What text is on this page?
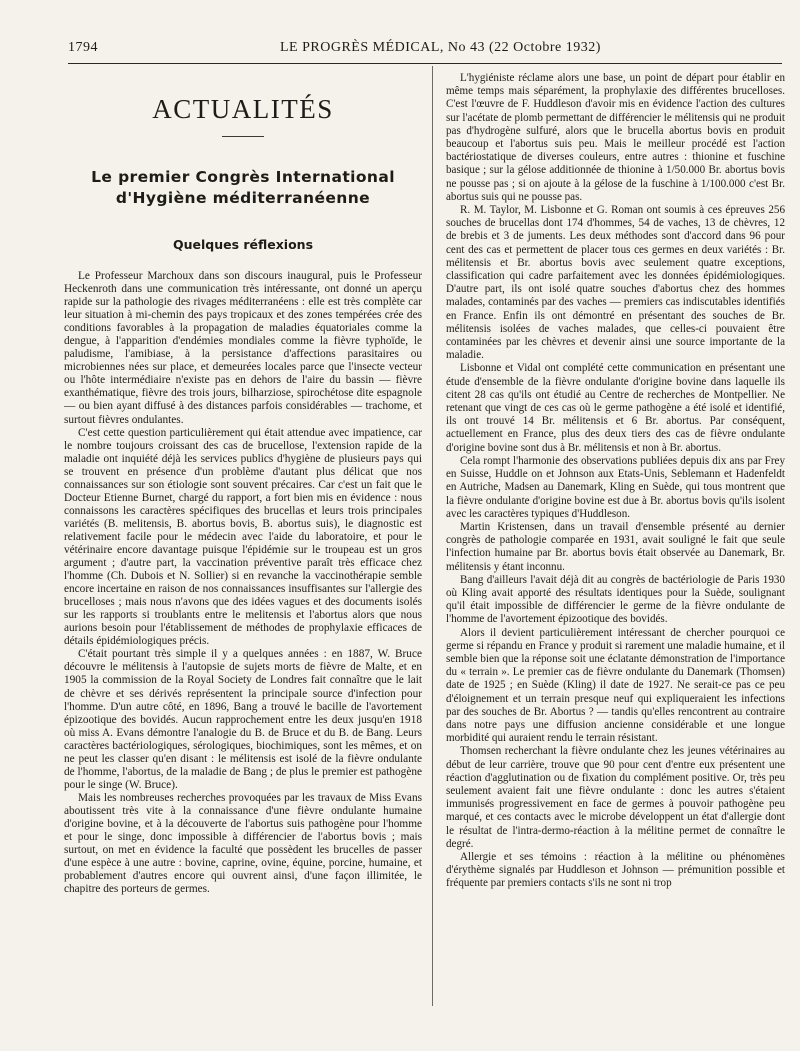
1794	LE PROGRÈS MÉDICAL, No 43 (22 Octobre 1932)
ACTUALITÉS
Le premier Congrès International
d'Hygiène méditerranéenne
Quelques réflexions

Le Professeur Marchoux dans son discours inaugural, puis le Professeur Heckenroth dans une communication très intéressante, ont donné un aperçu rapide sur la pathologie des rivages méditerranéens : elle est très complète car leur situation à mi-chemin des pays tropicaux et des zones tempérées crée des conditions favorables à la propagation de maladies équatoriales comme la dengue, à l'apparition d'endémies mondiales comme la fièvre typhoïde, le paludisme, l'amibiase, à la persistance d'affections parasitaires ou microbiennes nées sur place, et demeurées locales parce que l'insecte vecteur ou l'hôte intermédiaire n'existe pas en dehors de l'aire du bassin — fièvre exanthématique, fièvre des trois jours, bilharziose, spirochétose dite espagnole — ou bien ayant diffusé à des distances parfois considérables — trachome, et surtout fièvres ondulantes.

C'est cette question particulièrement qui était attendue avec impatience, car le nombre toujours croissant des cas de brucellose, l'extension rapide de la maladie ont inquiété déjà les services publics d'hygiène de plusieurs pays qui se trouvent en présence d'un problème d'autant plus délicat que nos connaissances sur son étiologie sont souvent précaires. Car c'est un fait que le Docteur Etienne Burnet, chargé du rapport, a fort bien mis en évidence : nous connaissons les caractères spécifiques des brucellas et leurs trois principales variétés (B. melitensis, B. abortus bovis, B. abortus suis), le diagnostic est relativement facile pour le médecin avec l'aide du laboratoire, et pour le vétérinaire encore davantage puisque l'épidémie sur le troupeau est un gros argument ; d'autre part, la vaccination préventive paraît très efficace chez l'homme (Ch. Dubois et N. Sollier) si en revanche la vaccinothérapie semble encore incertaine en raison de nos connaissances insuffisantes sur l'allergie des brucelloses ; mais nous n'avons que des idées vagues et des documents isolés sur les rapports si troublants entre le melitensis et l'abortus alors que nous aurions besoin pour l'établissement de méthodes de prophylaxie efficaces de détails épidémiologiques précis.

C'était pourtant très simple il y a quelques années : en 1887, W. Bruce découvre le mélitensis à l'autopsie de sujets morts de fièvre de Malte, et en 1905 la commission de la Royal Society de Londres fait connaître que le lait de chèvre et ses dérivés représentent la principale source d'infection pour l'homme. D'un autre côté, en 1896, Bang a trouvé le bacille de l'avortement épizootique des bovidés. Aucun rapprochement entre les deux jusqu'en 1918 où miss A. Evans démontre l'analogie du B. de Bruce et du B. de Bang. Leurs caractères bactériologiques, sérologiques, biochimiques, sont les mêmes, et on ne peut les classer qu'en disant : le mélitensis est isolé de la fièvre ondulante de l'homme, l'abortus, de la maladie de Bang ; de plus le premier est pathogène pour le singe (W. Bruce).

Mais les nombreuses recherches provoquées par les travaux de Miss Evans aboutissent très vite à la connaissance d'une fièvre ondulante humaine d'origine bovine, et à la découverte de l'abortus suis pathogène pour l'homme et pour le singe, donc impossible à différencier de l'abortus bovis ; mais surtout, on met en évidence la faculté que possèdent les brucelles de passer d'une espèce à une autre : bovine, caprine, ovine, équine, porcine, humaine, et probablement d'autres encore qui ouvrent ainsi, d'une façon illimitée, le chapitre des porteurs de germes.

L'hygiéniste réclame alors une base, un point de départ pour établir en même temps mais séparément, la prophylaxie des différentes brucelloses. C'est l'œuvre de F. Huddleson d'avoir mis en évidence l'action des cultures sur l'acétate de plomb permettant de différencier le mélitensis qui ne produit pas d'hydrogène sulfuré, alors que le brucella abortus bovis en produit beaucoup et l'abortus suis peu. Mais le meilleur procédé est l'action bactériostatique de diverses couleurs, entre autres : thionine et fuschine basique ; sur la gélose additionnée de thionine à 1/50.000 Br. abortus bovis ne pousse pas ; si on ajoute à la gélose de la fuschine à 1/100.000 c'est Br. abortus suis qui ne pousse pas.

R. M. Taylor, M. Lisbonne et G. Roman ont soumis à ces épreuves 256 souches de brucellas dont 174 d'hommes, 54 de vaches, 13 de chèvres, 12 de brebis et 3 de juments. Les deux méthodes sont d'accord dans 96 pour cent des cas et permettent de placer tous ces germes en deux variétés : Br. mélitensis et Br. abortus bovis avec seulement quatre exceptions, classification qui cadre parfaitement avec les données épidémiologiques. D'autre part, ils ont isolé quatre souches d'abortus chez des hommes malades, contaminés par des vaches — premiers cas indiscutables identifiés en France. Enfin ils ont démontré en présentant des souches de Br. mélitensis isolées de vaches malades, que celles-ci pouvaient être contaminées par les chèvres et devenir ainsi une source importante de la maladie.

Lisbonne et Vidal ont complété cette communication en présentant une étude d'ensemble de la fièvre ondulante d'origine bovine dans laquelle ils citent 28 cas qu'ils ont étudié au Centre de recherches de Montpellier. Ne retenant que vingt de ces cas où le germe pathogène a été isolé et identifié, ils ont trouvé 14 Br. mélitensis et 6 Br. abortus. Par conséquent, actuellement en France, plus des deux tiers des cas de fièvre ondulante d'origine bovine sont dus à Br. mélitensis et non à Br. abortus.

Cela rompt l'harmonie des observations publiées depuis dix ans par Frey en Suisse, Huddle on et Johnson aux Etats-Unis, Seblemann et Hadenfeldt en Autriche, Madsen au Danemark, Kling en Suède, qui tous montrent que la fièvre ondulante d'origine bovine est due à Br. abortus bovis qu'ils isolent avec les caractères typiques d'Huddleson.

Martin Kristensen, dans un travail d'ensemble présenté au dernier congrès de pathologie comparée en 1931, avait souligné le fait que seule l'infection humaine par Br. abortus bovis était observée au Danemark, Br. mélitensis y étant inconnu.

Bang d'ailleurs l'avait déjà dit au congrès de bactériologie de Paris 1930 où Kling avait apporté des résultats identiques pour la Suède, soulignant qu'il était impossible de différencier le germe de la fièvre ondulante de l'homme de l'avortement épizootique des bovidés.

Alors il devient particulièrement intéressant de chercher pourquoi ce germe si répandu en France y produit si rarement une maladie humaine, et il semble bien que la réponse soit une éclatante démonstration de l'importance du « terrain ». Le premier cas de fièvre ondulante du Danemark (Thomsen) date de 1925 ; en Suède (Kling) il date de 1927. Ne serait-ce pas ce peu d'éloignement et un terrain presque neuf qui expliqueraient les infections par des souches de Br. Abortus ? — tandis qu'elles rencontrent au contraire dans notre pays une diffusion ancienne considérable et une longue morbidité qui auraient rendu le terrain résistant.

Thomsen recherchant la fièvre ondulante chez les jeunes vétérinaires au début de leur carrière, trouve que 90 pour cent d'entre eux présentent une réaction d'agglutination ou de fixation du complément positive. Or, très peu seulement avaient fait une fièvre ondulante : donc les autres s'étaient immunisés progressivement en face de germes à pouvoir pathogène peu marqué, et ces contacts avec le microbe développent un état d'allergie dont le résultat de l'intra-dermo-réaction à la mélitine permet de connaître le degré.

Allergie et ses témoins : réaction à la mélitine ou phénomènes d'érythème signalés par Huddleson et Johnson — prémunition possible et fréquente par premiers contacts s'ils ne sont ni trop
